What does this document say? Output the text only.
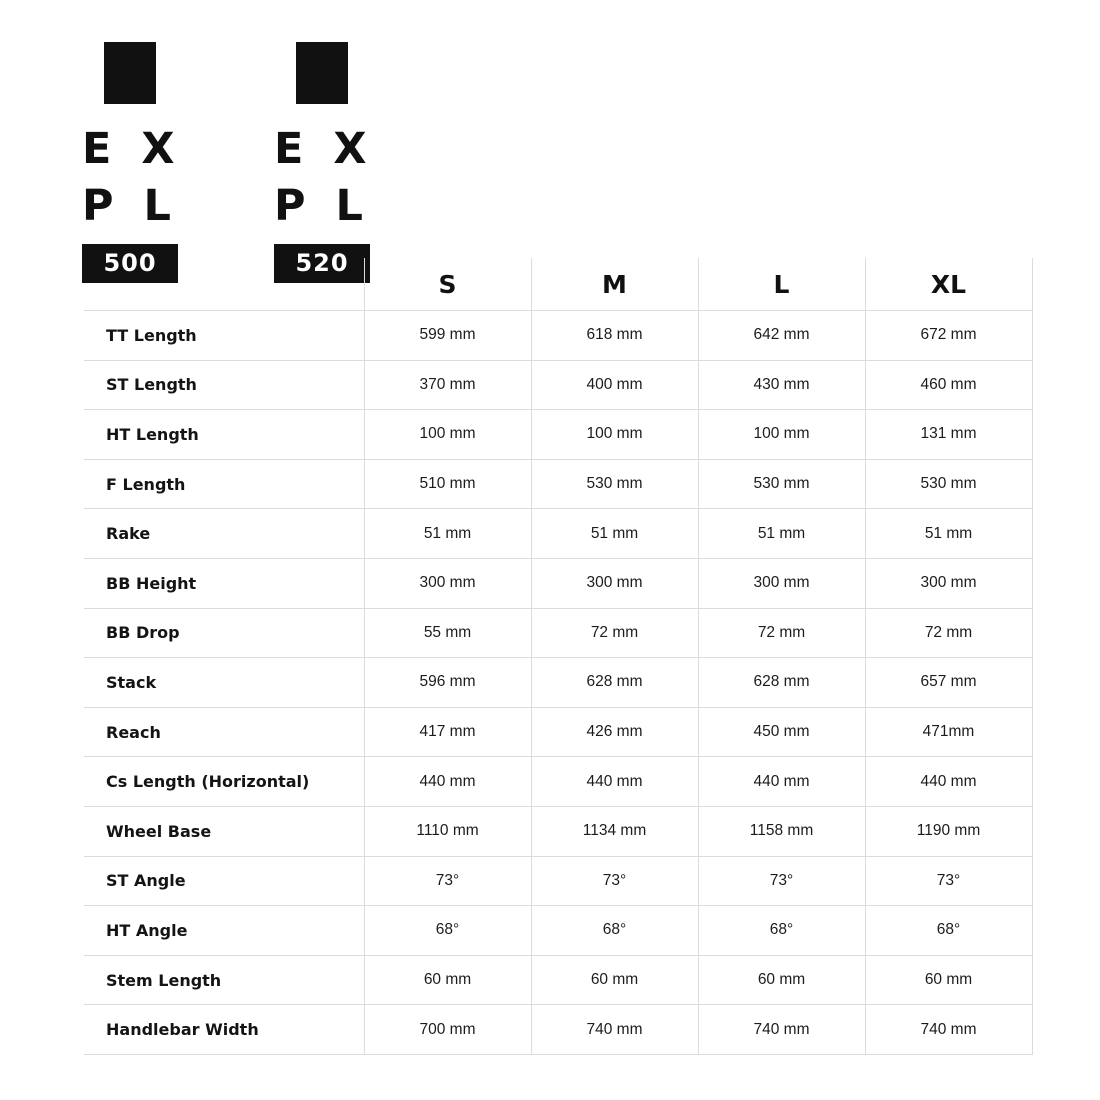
E X
P L
500
E X
P L
520
	S	M	L	XL
TT Length	599 mm	618 mm	642 mm	672 mm
ST Length	370 mm	400 mm	430 mm	460 mm
HT Length	100 mm	100 mm	100 mm	131 mm
F Length	510 mm	530 mm	530 mm	530 mm
Rake	51 mm	51 mm	51 mm	51 mm
BB Height	300 mm	300 mm	300 mm	300 mm
BB Drop	55 mm	72 mm	72 mm	72 mm
Stack	596 mm	628 mm	628 mm	657 mm
Reach	417 mm	426 mm	450 mm	471mm
Cs Length (Horizontal)	440 mm	440 mm	440 mm	440 mm
Wheel Base	1110 mm	1134 mm	1158 mm	1190 mm
ST Angle	73°	73°	73°	73°
HT Angle	68°	68°	68°	68°
Stem Length	60 mm	60 mm	60 mm	60 mm
Handlebar Width	700 mm	740 mm	740 mm	740 mm
